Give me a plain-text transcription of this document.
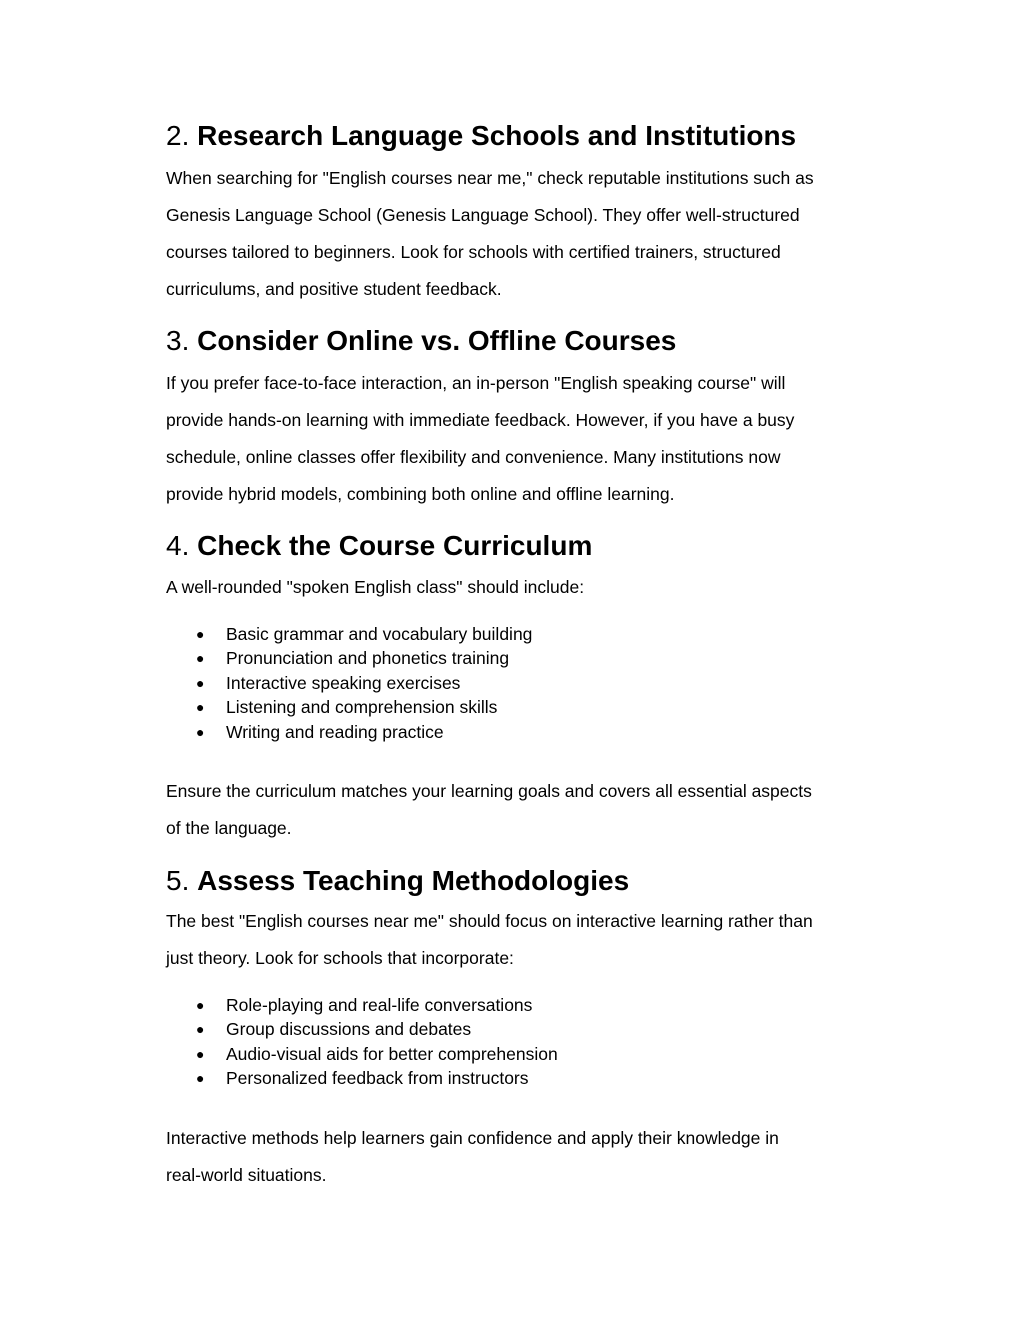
2. Research Language Schools and Institutions
When searching for "English courses near me," check reputable institutions such as
Genesis Language School (Genesis Language School). They offer well-structured
courses tailored to beginners. Look for schools with certified trainers, structured
curriculums, and positive student feedback.
3. Consider Online vs. Offline Courses
If you prefer face-to-face interaction, an in-person "English speaking course" will
provide hands-on learning with immediate feedback. However, if you have a busy
schedule, online classes offer flexibility and convenience. Many institutions now
provide hybrid models, combining both online and offline learning.
4. Check the Course Curriculum
A well-rounded "spoken English class" should include:
● Basic grammar and vocabulary building
● Pronunciation and phonetics training
● Interactive speaking exercises
● Listening and comprehension skills
● Writing and reading practice
Ensure the curriculum matches your learning goals and covers all essential aspects
of the language.
5. Assess Teaching Methodologies
The best "English courses near me" should focus on interactive learning rather than
just theory. Look for schools that incorporate:
● Role-playing and real-life conversations
● Group discussions and debates
● Audio-visual aids for better comprehension
● Personalized feedback from instructors
Interactive methods help learners gain confidence and apply their knowledge in
real-world situations.
